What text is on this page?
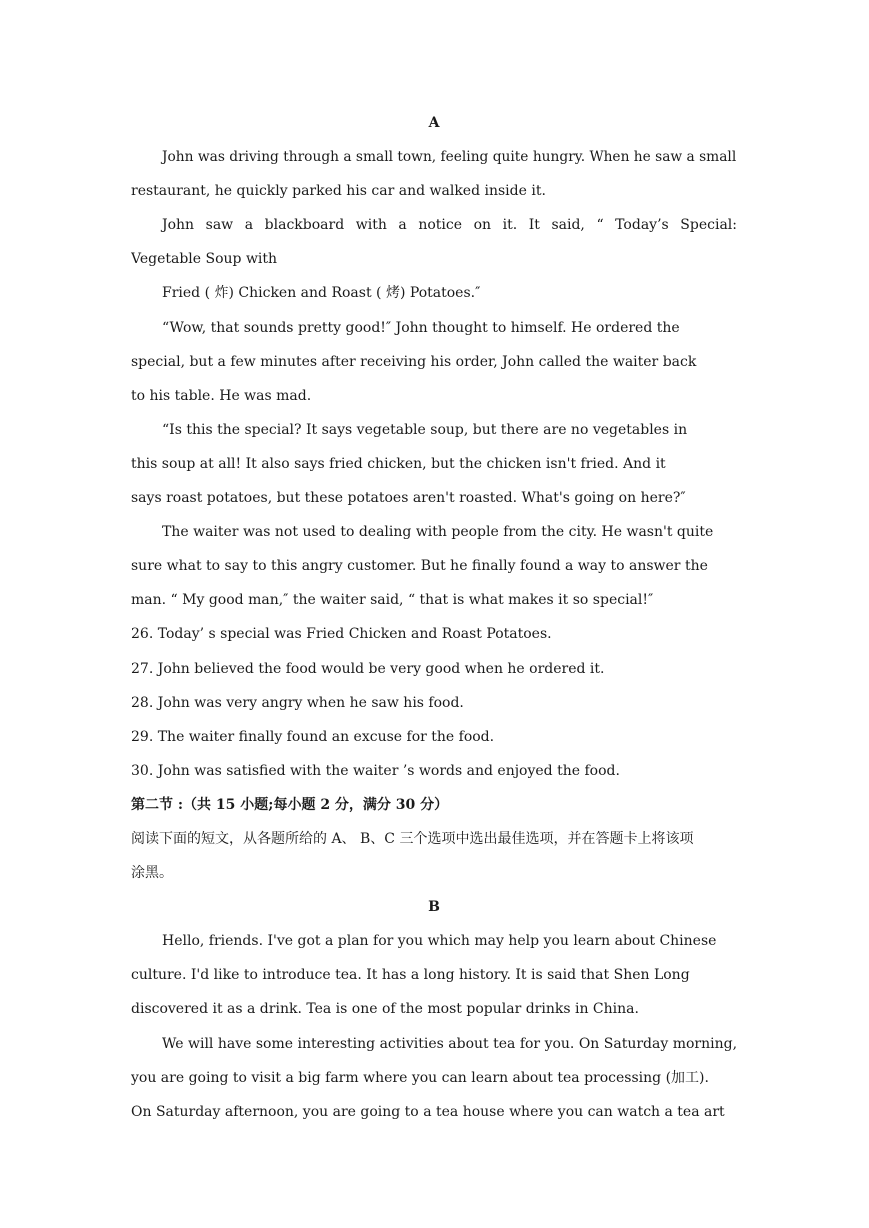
A
John was driving through a small town, feeling quite hungry. When he saw a small
restaurant, he quickly parked his car and walked inside it.
John saw a blackboard with a notice on it. It said, “ Today’s Special:
Vegetable Soup with
Fried ( 炸) Chicken and Roast ( 烤) Potatoes.″
“Wow, that sounds pretty good!″ John thought to himself. He ordered the
special, but a few minutes after receiving his order, John called the waiter back
to his table. He was mad.
“Is this the special? It says vegetable soup, but there are no vegetables in
this soup at all! It also says fried chicken, but the chicken isn't fried. And it
says roast potatoes, but these potatoes aren't roasted. What's going on here?″
The waiter was not used to dealing with people from the city. He wasn't quite
sure what to say to this angry customer. But he finally found a way to answer the
man. “ My good man,″ the waiter said, “ that is what makes it so special!″
26. Today’ s special was Fried Chicken and Roast Potatoes.
27. John believed the food would be very good when he ordered it.
28. John was very angry when he saw his food.
29. The waiter finally found an excuse for the food.
30. John was satisfied with the waiter ’s words and enjoyed the food.
第二节 :（共 15 小题;每小题 2 分，满分 30 分）
阅读下面的短文，从各题所给的 A、 B、C 三个选项中选出最佳选项，并在答题卡上将该项
涂黑。
B
Hello, friends. I've got a plan for you which may help you learn about Chinese
culture. I'd like to introduce tea. It has a long history. It is said that Shen Long
discovered it as a drink. Tea is one of the most popular drinks in China.
We will have some interesting activities about tea for you. On Saturday morning,
you are going to visit a big farm where you can learn about tea processing (加工).
On Saturday afternoon, you are going to a tea house where you can watch a tea art
